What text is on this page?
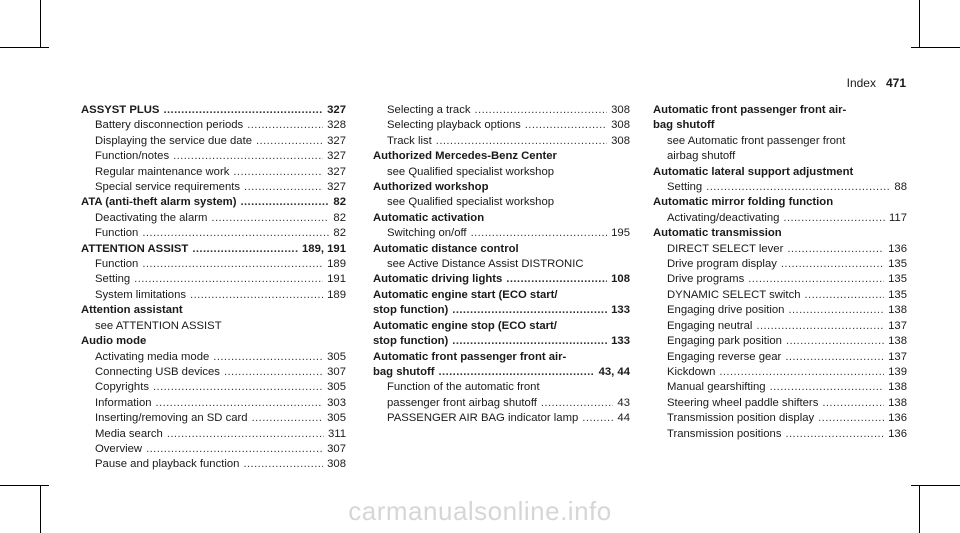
Index 471
ASSYST PLUS .....	327
Battery disconnection periods .....	328
Displaying the service due date .....	327
Function/notes .....	327
Regular maintenance work .....	327
Special service requirements .....	327
ATA (anti-theft alarm system) .....	82
Deactivating the alarm .....	82
Function .....	82
ATTENTION ASSIST .....	189, 191
Function .....	189
Setting .....	191
System limitations .....	189
Attention assistant
see ATTENTION ASSIST
Audio mode
Activating media mode .....	305
Connecting USB devices .....	307
Copyrights .....	305
Information .....	303
Inserting/removing an SD card .....	305
Media search .....	311
Overview .....	307
Pause and playback function .....	308
Selecting a track .....	308
Selecting playback options .....	308
Track list .....	308
Authorized Mercedes-Benz Center
see Qualified specialist workshop
Authorized workshop
see Qualified specialist workshop
Automatic activation
Switching on/off .....	195
Automatic distance control
see Active Distance Assist DISTRONIC
Automatic driving lights .....	108
Automatic engine start (ECO start/
stop function) .....	133
Automatic engine stop (ECO start/
stop function) .....	133
Automatic front passenger front air-
bag shutoff .....	43, 44
Function of the automatic front
passenger front airbag shutoff .....	43
PASSENGER AIR BAG indicator lamp .....	44
Automatic front passenger front air-
bag shutoff
see Automatic front passenger front
airbag shutoff
Automatic lateral support adjustment
Setting .....	88
Automatic mirror folding function
Activating/deactivating .....	117
Automatic transmission
DIRECT SELECT lever .....	136
Drive program display .....	135
Drive programs .....	135
DYNAMIC SELECT switch .....	135
Engaging drive position .....	138
Engaging neutral .....	137
Engaging park position .....	138
Engaging reverse gear .....	137
Kickdown .....	139
Manual gearshifting .....	138
Steering wheel paddle shifters .....	138
Transmission position display .....	136
Transmission positions .....	136
carmanualsonline.info
